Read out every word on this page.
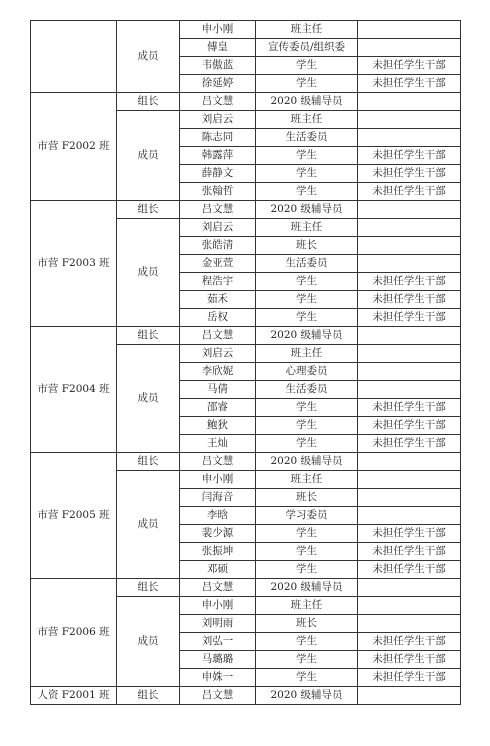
	成员	申小刚	班主任	
		傅皇	宣传委员/组织委	
		韦傲蓝	学生	未担任学生干部
		徐延婷	学生	未担任学生干部
市营 F2002 班	组长	吕文慧	2020 级辅导员	
	成员	刘启云	班主任	
		陈志同	生活委员	
		韩露萍	学生	未担任学生干部
		薛静文	学生	未担任学生干部
		张翰哲	学生	未担任学生干部
市营 F2003 班	组长	吕文慧	2020 级辅导员	
	成员	刘启云	班主任	
		张皓清	班长	
		金亚萱	生活委员	
		程浩宇	学生	未担任学生干部
		茹禾	学生	未担任学生干部
		岳权	学生	未担任学生干部
市营 F2004 班	组长	吕文慧	2020 级辅导员	
	成员	刘启云	班主任	
		李欣妮	心理委员	
		马倩	生活委员	
		邵睿	学生	未担任学生干部
		鲍狄	学生	未担任学生干部
		王灿	学生	未担任学生干部
市营 F2005 班	组长	吕文慧	2020 级辅导员	
	成员	申小刚	班主任	
		闫海音	班长	
		李晗	学习委员	
		裴少源	学生	未担任学生干部
		张振坤	学生	未担任学生干部
		邓硕	学生	未担任学生干部
市营 F2006 班	组长	吕文慧	2020 级辅导员	
	成员	申小刚	班主任	
		刘明雨	班长	
		刘弘一	学生	未担任学生干部
		马璐璐	学生	未担任学生干部
		申姝一	学生	未担任学生干部
人资 F2001 班	组长	吕文慧	2020 级辅导员	
